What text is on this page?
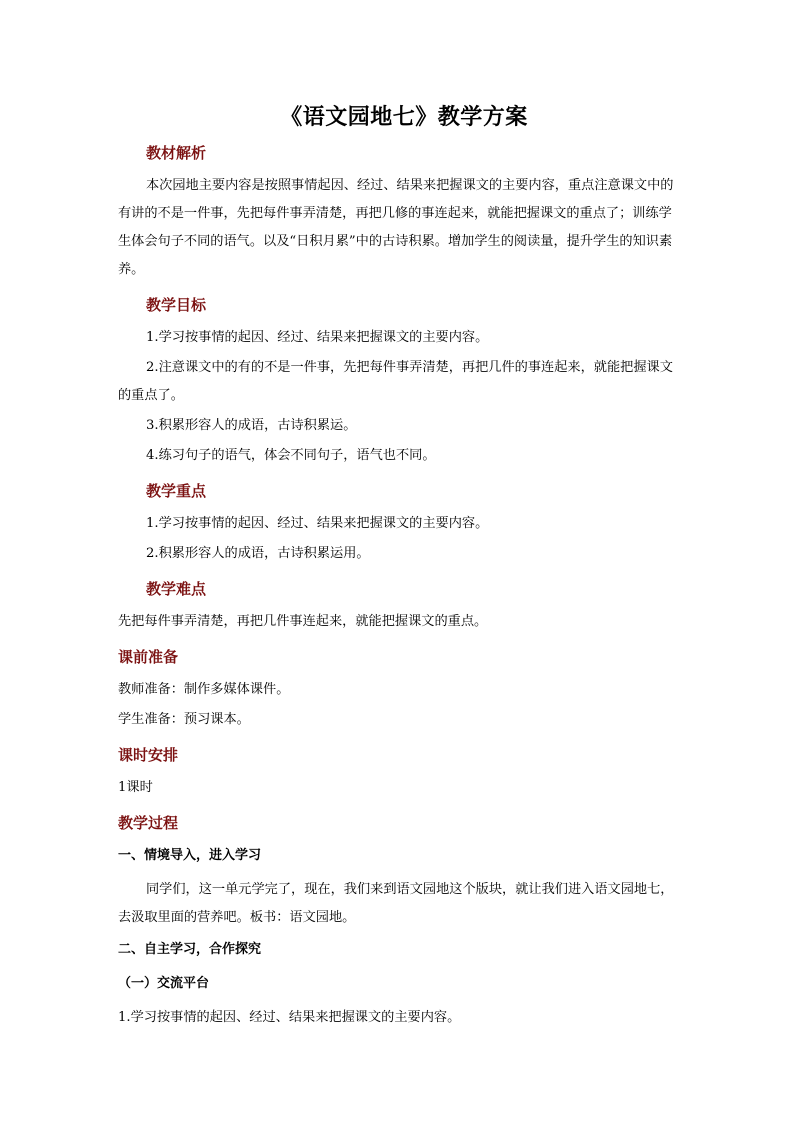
《语文园地七》教学方案
教材解析

本次园地主要内容是按照事情起因、经过、结果来把握课文的主要内容，重点注意课文中的有讲的不是一件事，先把每件事弄清楚，再把几修的事连起来，就能把握课文的重点了；训练学生体会句子不同的语气。以及“日积月累”中的古诗积累。增加学生的阅读量，提升学生的知识素养。

教学目标

1.学习按事情的起因、经过、结果来把握课文的主要内容。

2.注意课文中的有的不是一件事，先把每件事弄清楚，再把几件的事连起来，就能把握课文的重点了。

3.积累形容人的成语，古诗积累运。

4.练习句子的语气，体会不同句子，语气也不同。

教学重点

1.学习按事情的起因、经过、结果来把握课文的主要内容。

2.积累形容人的成语，古诗积累运用。

教学难点

先把每件事弄清楚，再把几件事连起来，就能把握课文的重点。

课前准备

教师准备：制作多媒体课件。

学生准备：预习课本。

课时安排

1课时

教学过程
一、情境导入，进入学习

同学们，这一单元学完了，现在，我们来到语文园地这个版块，就让我们进入语文园地七，去汲取里面的营养吧。板书：语文园地。

二、自主学习，合作探究
（一）交流平台

1.学习按事情的起因、经过、结果来把握课文的主要内容。
